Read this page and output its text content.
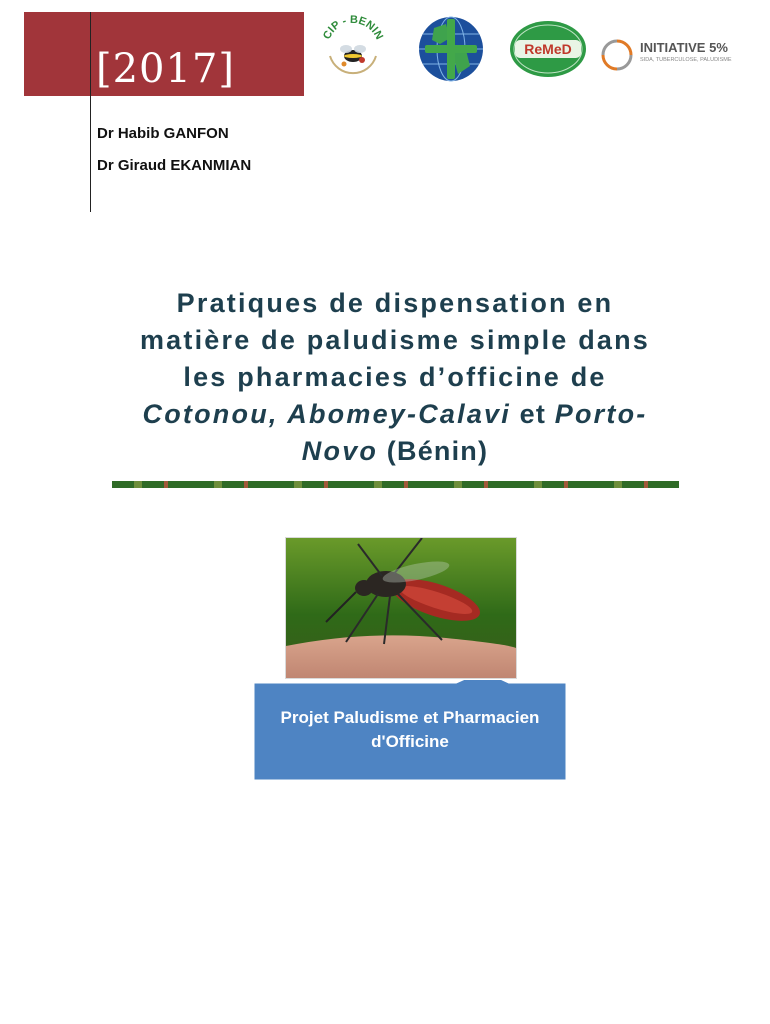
[2017]
Dr Habib GANFON
Dr Giraud EKANMIAN
CIP - BENIN
ReMeD	INITIATIVE 5%
SIDA, TUBERCULOSE, PALUDISME
Pratiques de dispensation en
matière de paludisme simple dans
les pharmacies d’officine de
Cotonou, Abomey-Calavi et Porto-
Novo (Bénin)
Projet Paludisme et Pharmacien
d'Officine
